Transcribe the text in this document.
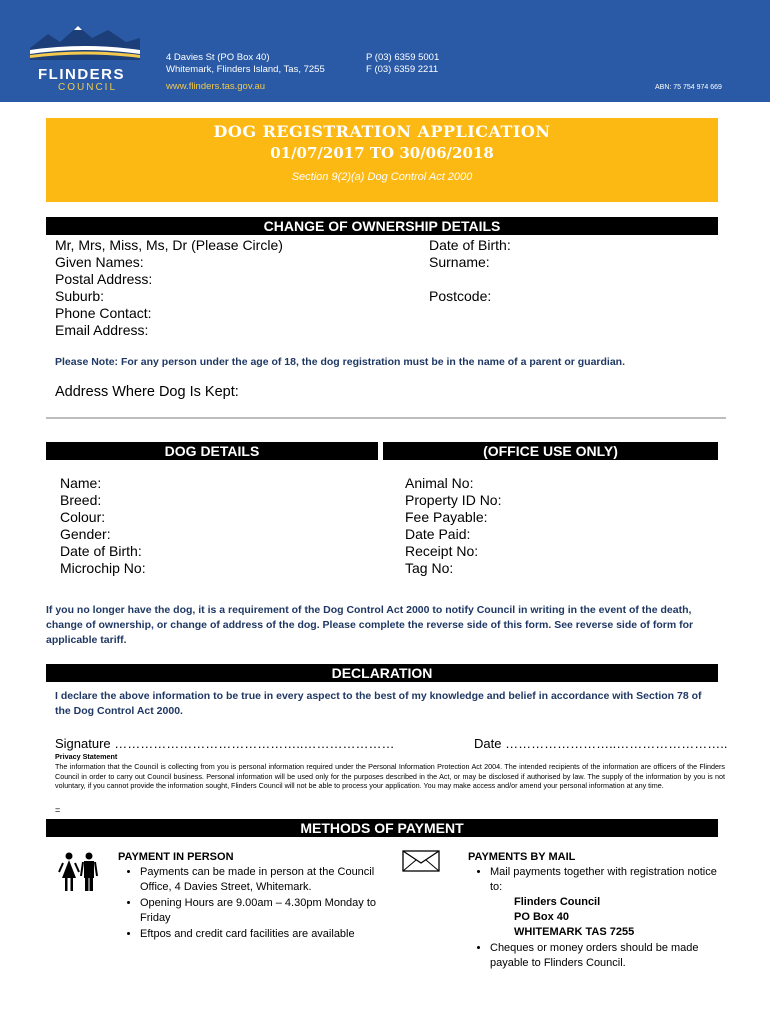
FLINDERS
COUNCIL
4 Davies St (PO Box 40)
Whitemark, Flinders Island, Tas, 7255
www.flinders.tas.gov.au
P (03) 6359 5001
F (03) 6359 2211
ABN: 75 754 974 669
DOG REGISTRATION APPLICATION
01/07/2017 TO 30/06/2018
Section 9(2)(a) Dog Control Act 2000
CHANGE OF OWNERSHIP DETAILS
Mr, Mrs, Miss, Ms, Dr (Please Circle)
Given Names:
Postal Address:
Suburb:
Phone Contact:
Email Address:
Date of Birth:
Surname:
Postcode:
Please Note: For any person under the age of 18, the dog registration must be in the name of a parent or guardian.
Address Where Dog Is Kept:
DOG DETAILS	(OFFICE USE ONLY)
Name:
Breed:
Colour:
Gender:
Date of Birth:
Microchip No:
Animal No:
Property ID No:
Fee Payable:
Date Paid:
Receipt No:
Tag No:
If you no longer have the dog, it is a requirement of the Dog Control Act 2000 to notify Council in writing in the event of the death, change of ownership, or change of address of the dog. Please complete the reverse side of this form. See reverse side of form for applicable tariff.
DECLARATION
I declare the above information to be true in every aspect to the best of my knowledge and belief in accordance with Section 78 of the Dog Control Act 2000.
Signature ……………………………………..…………………	Date ……………………..……………………..
Privacy Statement
The information that the Council is collecting from you is personal information required under the Personal Information Protection Act 2004. The intended recipients of the information are officers of the Flinders Council in order to carry out Council business. Personal information will be used only for the purposes described in the Act, or may be disclosed if authorised by law. The supply of the information by you is not voluntary, if you cannot provide the information sought, Flinders Council will not be able to process your application. You may make access and/or amend your personal information at any time.
=
METHODS OF PAYMENT
PAYMENT IN PERSON
• Payments can be made in person at the Council Office, 4 Davies Street, Whitemark.
• Opening Hours are 9.00am – 4.30pm Monday to Friday
• Eftpos and credit card facilities are available
PAYMENTS BY MAIL
• Mail payments together with registration notice to:
Flinders Council
PO Box 40
WHITEMARK TAS 7255
• Cheques or money orders should be made payable to Flinders Council.
